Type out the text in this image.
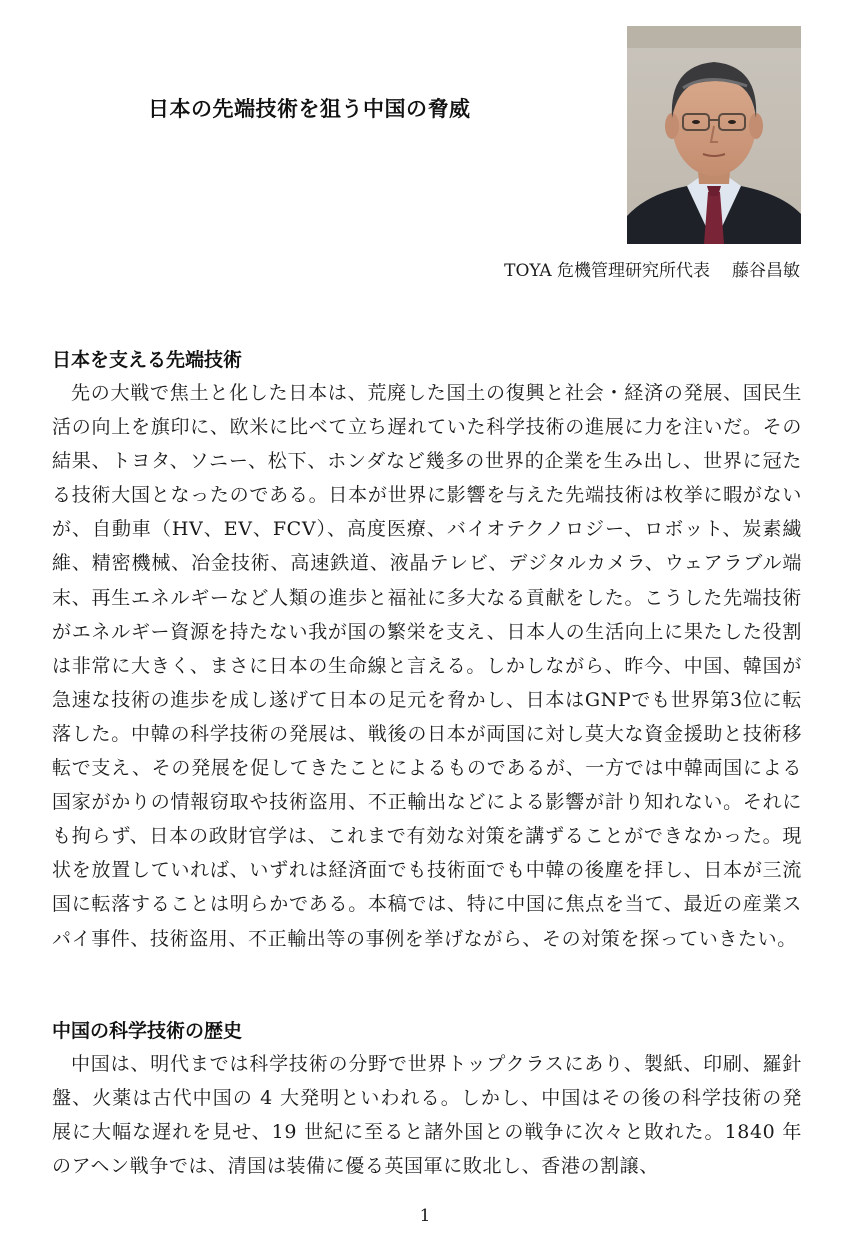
日本の先端技術を狙う中国の脅威
TOYA 危機管理研究所代表 藤谷昌敏
日本を支える先端技術

先の大戦で焦土と化した日本は、荒廃した国土の復興と社会・経済の発展、国民生活の向上を旗印に、欧米に比べて立ち遅れていた科学技術の進展に力を注いだ。その結果、トヨタ、ソニー、松下、ホンダなど幾多の世界的企業を生み出し、世界に冠たる技術大国となったのである。日本が世界に影響を与えた先端技術は枚挙に暇がないが、自動車（HV、EV、FCV）、高度医療、バイオテクノロジー、ロボット、炭素繊維、精密機械、冶金技術、高速鉄道、液晶テレビ、デジタルカメラ、ウェアラブル端末、再生エネルギーなど人類の進歩と福祉に多大なる貢献をした。こうした先端技術がエネルギー資源を持たない我が国の繁栄を支え、日本人の生活向上に果たした役割は非常に大きく、まさに日本の生命線と言える。しかしながら、昨今、中国、韓国が急速な技術の進歩を成し遂げて日本の足元を脅かし、日本はGNPでも世界第3位に転落した。中韓の科学技術の発展は、戦後の日本が両国に対し莫大な資金援助と技術移転で支え、その発展を促してきたことによるものであるが、一方では中韓両国による国家がかりの情報窃取や技術盗用、不正輸出などによる影響が計り知れない。それにも拘らず、日本の政財官学は、これまで有効な対策を講ずることができなかった。現状を放置していれば、いずれは経済面でも技術面でも中韓の後塵を拝し、日本が三流国に転落することは明らかである。本稿では、特に中国に焦点を当て、最近の産業スパイ事件、技術盗用、不正輸出等の事例を挙げながら、その対策を探っていきたい。

中国の科学技術の歴史

中国は、明代までは科学技術の分野で世界トップクラスにあり、製紙、印刷、羅針盤、火薬は古代中国の 4 大発明といわれる。しかし、中国はその後の科学技術の発展に大幅な遅れを見せ、19 世紀に至ると諸外国との戦争に次々と敗れた。1840 年のアヘン戦争では、清国は装備に優る英国軍に敗北し、香港の割譲、

1
